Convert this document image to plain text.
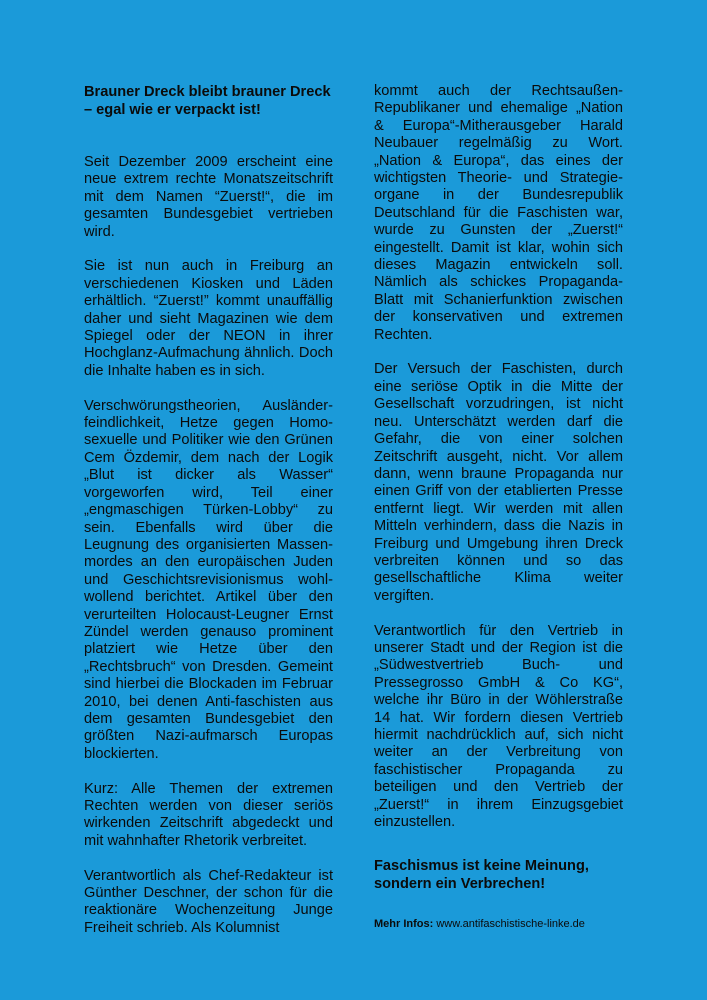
Brauner Dreck bleibt brauner Dreck – egal wie er verpackt ist!

Seit Dezember 2009 erscheint eine neue extrem rechte Monatszeitschrift mit dem Namen “Zuerst!“, die im gesamten Bundesgebiet vertrieben wird.

Sie ist nun auch in Freiburg an verschiedenen Kiosken und Läden erhältlich. “Zuerst!” kommt unauffällig daher und sieht Magazinen wie dem Spiegel oder der NEON in ihrer Hochglanz-Aufmachung ähnlich. Doch die Inhalte haben es in sich.

Verschwörungstheorien, Ausländer-feindlichkeit, Hetze gegen Homo-sexuelle und Politiker wie den Grünen Cem Özdemir, dem nach der Logik „Blut ist dicker als Wasser“ vorgeworfen wird, Teil einer „engmaschigen Türken-Lobby“ zu sein. Ebenfalls wird über die Leugnung des organisierten Massen-mordes an den europäischen Juden und Geschichtsrevisionismus wohl-wollend berichtet. Artikel über den verurteilten Holocaust-Leugner Ernst Zündel werden genauso prominent platziert wie Hetze über den „Rechtsbruch“ von Dresden. Gemeint sind hierbei die Blockaden im Februar 2010, bei denen Anti-faschisten aus dem gesamten Bundesgebiet den größten Nazi-aufmarsch Europas blockierten.

Kurz: Alle Themen der extremen Rechten werden von dieser seriös wirkenden Zeitschrift abgedeckt und mit wahnhafter Rhetorik verbreitet.

Verantwortlich als Chef-Redakteur ist Günther Deschner, der schon für die reaktionäre Wochenzeitung Junge Freiheit schrieb. Als Kolumnist

kommt auch der Rechtsaußen-Republikaner und ehemalige „Nation & Europa“-Mitherausgeber Harald Neubauer regelmäßig zu Wort. „Nation & Europa“, das eines der wichtigsten Theorie- und Strategie-organe in der Bundesrepublik Deutschland für die Faschisten war, wurde zu Gunsten der „Zuerst!“ eingestellt. Damit ist klar, wohin sich dieses Magazin entwickeln soll. Nämlich als schickes Propaganda-Blatt mit Schanierfunktion zwischen der konservativen und extremen Rechten.

Der Versuch der Faschisten, durch eine seriöse Optik in die Mitte der Gesellschaft vorzudringen, ist nicht neu. Unterschätzt werden darf die Gefahr, die von einer solchen Zeitschrift ausgeht, nicht. Vor allem dann, wenn braune Propaganda nur einen Griff von der etablierten Presse entfernt liegt. Wir werden mit allen Mitteln verhindern, dass die Nazis in Freiburg und Umgebung ihren Dreck verbreiten können und so das gesellschaftliche Klima weiter vergiften.

Verantwortlich für den Vertrieb in unserer Stadt und der Region ist die „Südwestvertrieb Buch- und Pressegrosso GmbH & Co KG“, welche ihr Büro in der Wöhlerstraße 14 hat. Wir fordern diesen Vertrieb hiermit nachdrücklich auf, sich nicht weiter an der Verbreitung von faschistischer Propaganda zu beteiligen und den Vertrieb der „Zuerst!“ in ihrem Einzugsgebiet einzustellen.

Faschismus ist keine Meinung, sondern ein Verbrechen!

Mehr Infos: www.antifaschistische-linke.de
